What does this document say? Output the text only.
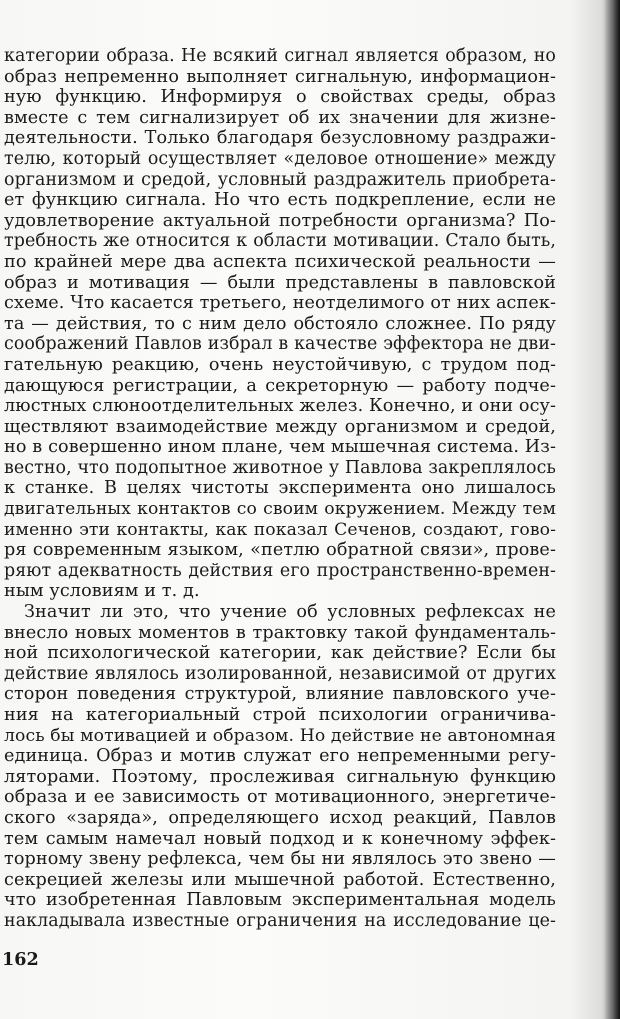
категории образа. Не всякий сигнал является образом, но
образ непременно выполняет сигнальную, информацион-
ную функцию. Информируя о свойствах среды, образ
вместе с тем сигнализирует об их значении для жизне-
деятельности. Только благодаря безусловному раздражи-
телю, который осуществляет «деловое отношение» между
организмом и средой, условный раздражитель приобрета-
ет функцию сигнала. Но что есть подкрепление, если не
удовлетворение актуальной потребности организма? По-
требность же относится к области мотивации. Стало быть,
по крайней мере два аспекта психической реальности —
образ и мотивация — были представлены в павловской
схеме. Что касается третьего, неотделимого от них аспек-
та — действия, то с ним дело обстояло сложнее. По ряду
соображений Павлов избрал в качестве эффектора не дви-
гательную реакцию, очень неустойчивую, с трудом под-
дающуюся регистрации, а секреторную — работу подче-
люстных слюноотделительных желез. Конечно, и они осу-
ществляют взаимодействие между организмом и средой,
но в совершенно ином плане, чем мышечная система. Из-
вестно, что подопытное животное у Павлова закреплялось
к станке. В целях чистоты эксперимента оно лишалось
двигательных контактов со своим окружением. Между тем
именно эти контакты, как показал Сеченов, создают, гово-
ря современным языком, «петлю обратной связи», прове-
ряют адекватность действия его пространственно-времен-
ным условиям и т. д.
Значит ли это, что учение об условных рефлексах не
внесло новых моментов в трактовку такой фундаменталь-
ной психологической категории, как действие? Если бы
действие являлось изолированной, независимой от других
сторон поведения структурой, влияние павловского уче-
ния на категориальный строй психологии ограничива-
лось бы мотивацией и образом. Но действие не автономная
единица. Образ и мотив служат его непременными регу-
ляторами. Поэтому, прослеживая сигнальную функцию
образа и ее зависимость от мотивационного, энергетиче-
ского «заряда», определяющего исход реакций, Павлов
тем самым намечал новый подход и к конечному эффек-
торному звену рефлекса, чем бы ни являлось это звено —
секрецией железы или мышечной работой. Естественно,
что изобретенная Павловым экспериментальная модель
накладывала известные ограничения на исследование це-
162
